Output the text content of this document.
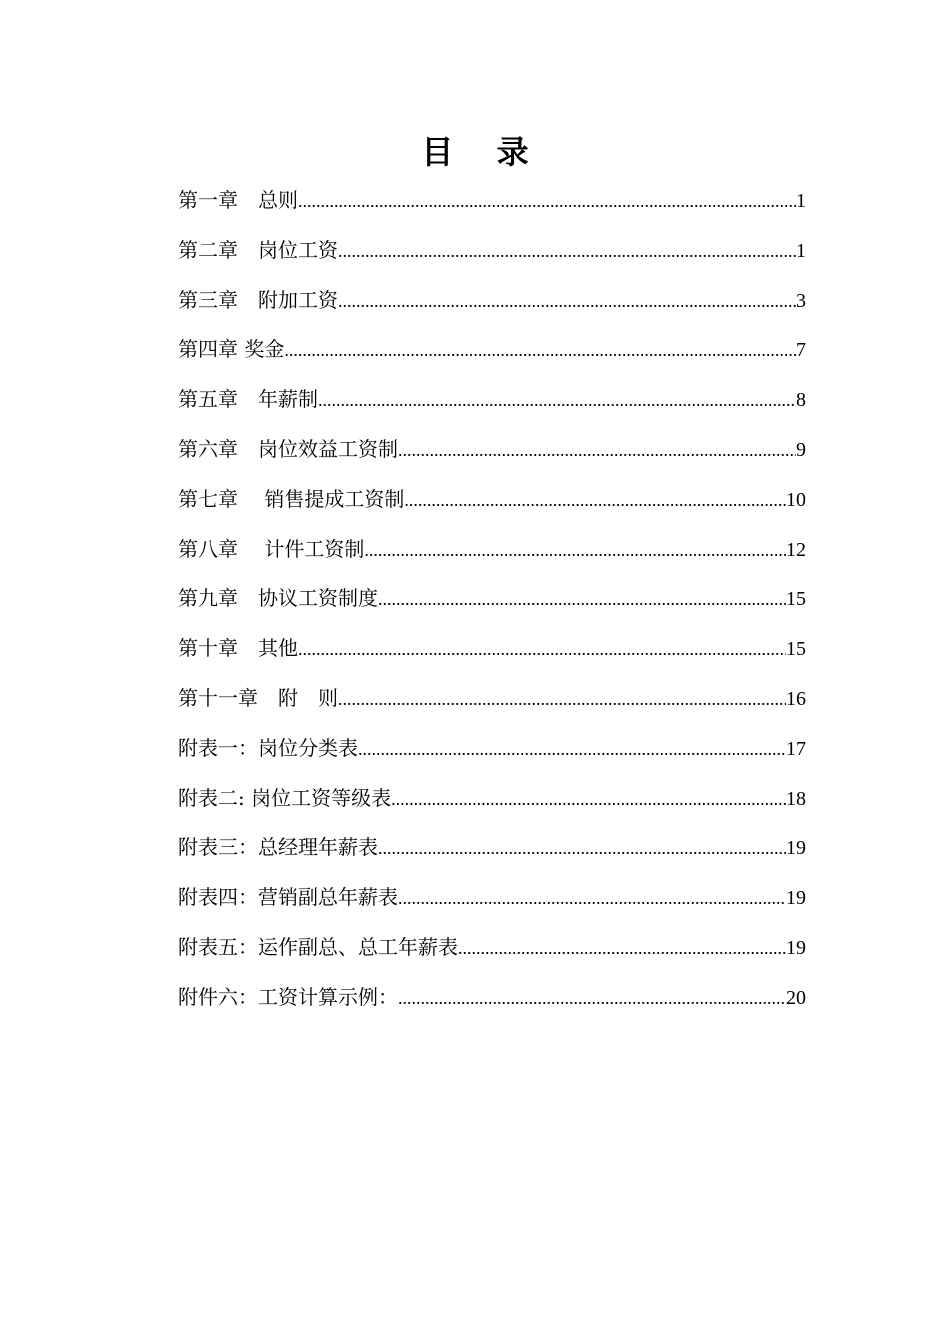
目 录
第一章　总则 .....	1
第二章　岗位工资 .....	1
第三章　附加工资 .....	3
第四章 奖金 .....	7
第五章　年薪制 .....	8
第六章　岗位效益工资制 .....	9
第七章　 销售提成工资制 .....	10
第八章　 计件工资制 .....	12
第九章　协议工资制度 .....	15
第十章　其他 .....	15
第十一章　附　则 .....	16
附表一：岗位分类表 .....	17
附表二: 岗位工资等级表 .....	18
附表三：总经理年薪表 .....	19
附表四：营销副总年薪表 .....	19
附表五：运作副总、总工年薪表 .....	19
附件六：工资计算示例： .....	20
